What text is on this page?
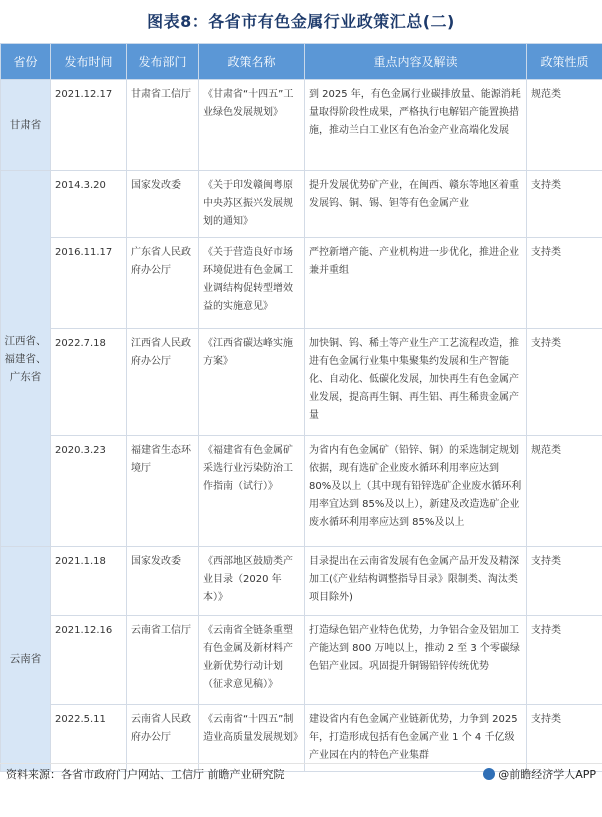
图表8：各省市有色金属行业政策汇总(二)
省份	发布时间	发布部门	政策名称	重点内容及解读	政策性质
甘肃省	2021.12.17	甘肃省工信厅	《甘肃省“十四五”工业绿色发展规划》	到 2025 年，有色金属行业碳排放量、能源消耗量取得阶段性成果，严格执行电解铝产能置换措施，推动兰白工业区有色冶金产业高端化发展	规范类
江西省、福建省、广东省	2014.3.20	国家发改委	《关于印发赣闽粤原中央苏区振兴发展规划的通知》	提升发展优势矿产业，在闽西、赣东等地区着重发展钨、铜、锡、钽等有色金属产业	支持类
	2016.11.17	广东省人民政府办公厅	《关于营造良好市场环境促进有色金属工业调结构促转型增效益的实施意见》	严控新增产能、产业机构进一步优化，推进企业兼并重组	支持类
	2022.7.18	江西省人民政府办公厅	《江西省碳达峰实施方案》	加快铜、钨、稀土等产业生产工艺流程改造，推进有色金属行业集中集聚集约发展和生产智能化、自动化、低碳化发展，加快再生有色金属产业发展，提高再生铜、再生铝、再生稀贵金属产量	支持类
	2020.3.23	福建省生态环境厅	《福建省有色金属矿采选行业污染防治工作指南（试行）》	为省内有色金属矿（铅锌、铜）的采选制定规划依据，现有选矿企业废水循环利用率应达到 80%及以上（其中现有铅锌选矿企业废水循环利用率宜达到 85%及以上），新建及改造选矿企业废水循环利用率应达到 85%及以上	规范类
云南省	2021.1.18	国家发改委	《西部地区鼓励类产业目录（2020 年本）》	目录提出在云南省发展有色金属产品开发及精深加工(《产业结构调整指导目录》限制类、淘汰类项目除外)	支持类
	2021.12.16	云南省工信厅	《云南省全链条重塑有色金属及新材料产业新优势行动计划（征求意见稿）》	打造绿色铝产业特色优势，力争铝合金及铝加工产能达到 800 万吨以上，推动 2 至 3 个零碳绿色铝产业园。巩固提升铜锡铅锌传统优势	支持类
	2022.5.11	云南省人民政府办公厅	《云南省“十四五”制造业高质量发展规划》	建设省内有色金属产业链新优势，力争到 2025 年，打造形成包括有色金属产业 1 个 4 千亿级产业园在内的特色产业集群	支持类
资料来源：各省市政府门户网站、工信厅 前瞻产业研究院	@前瞻经济学人APP
